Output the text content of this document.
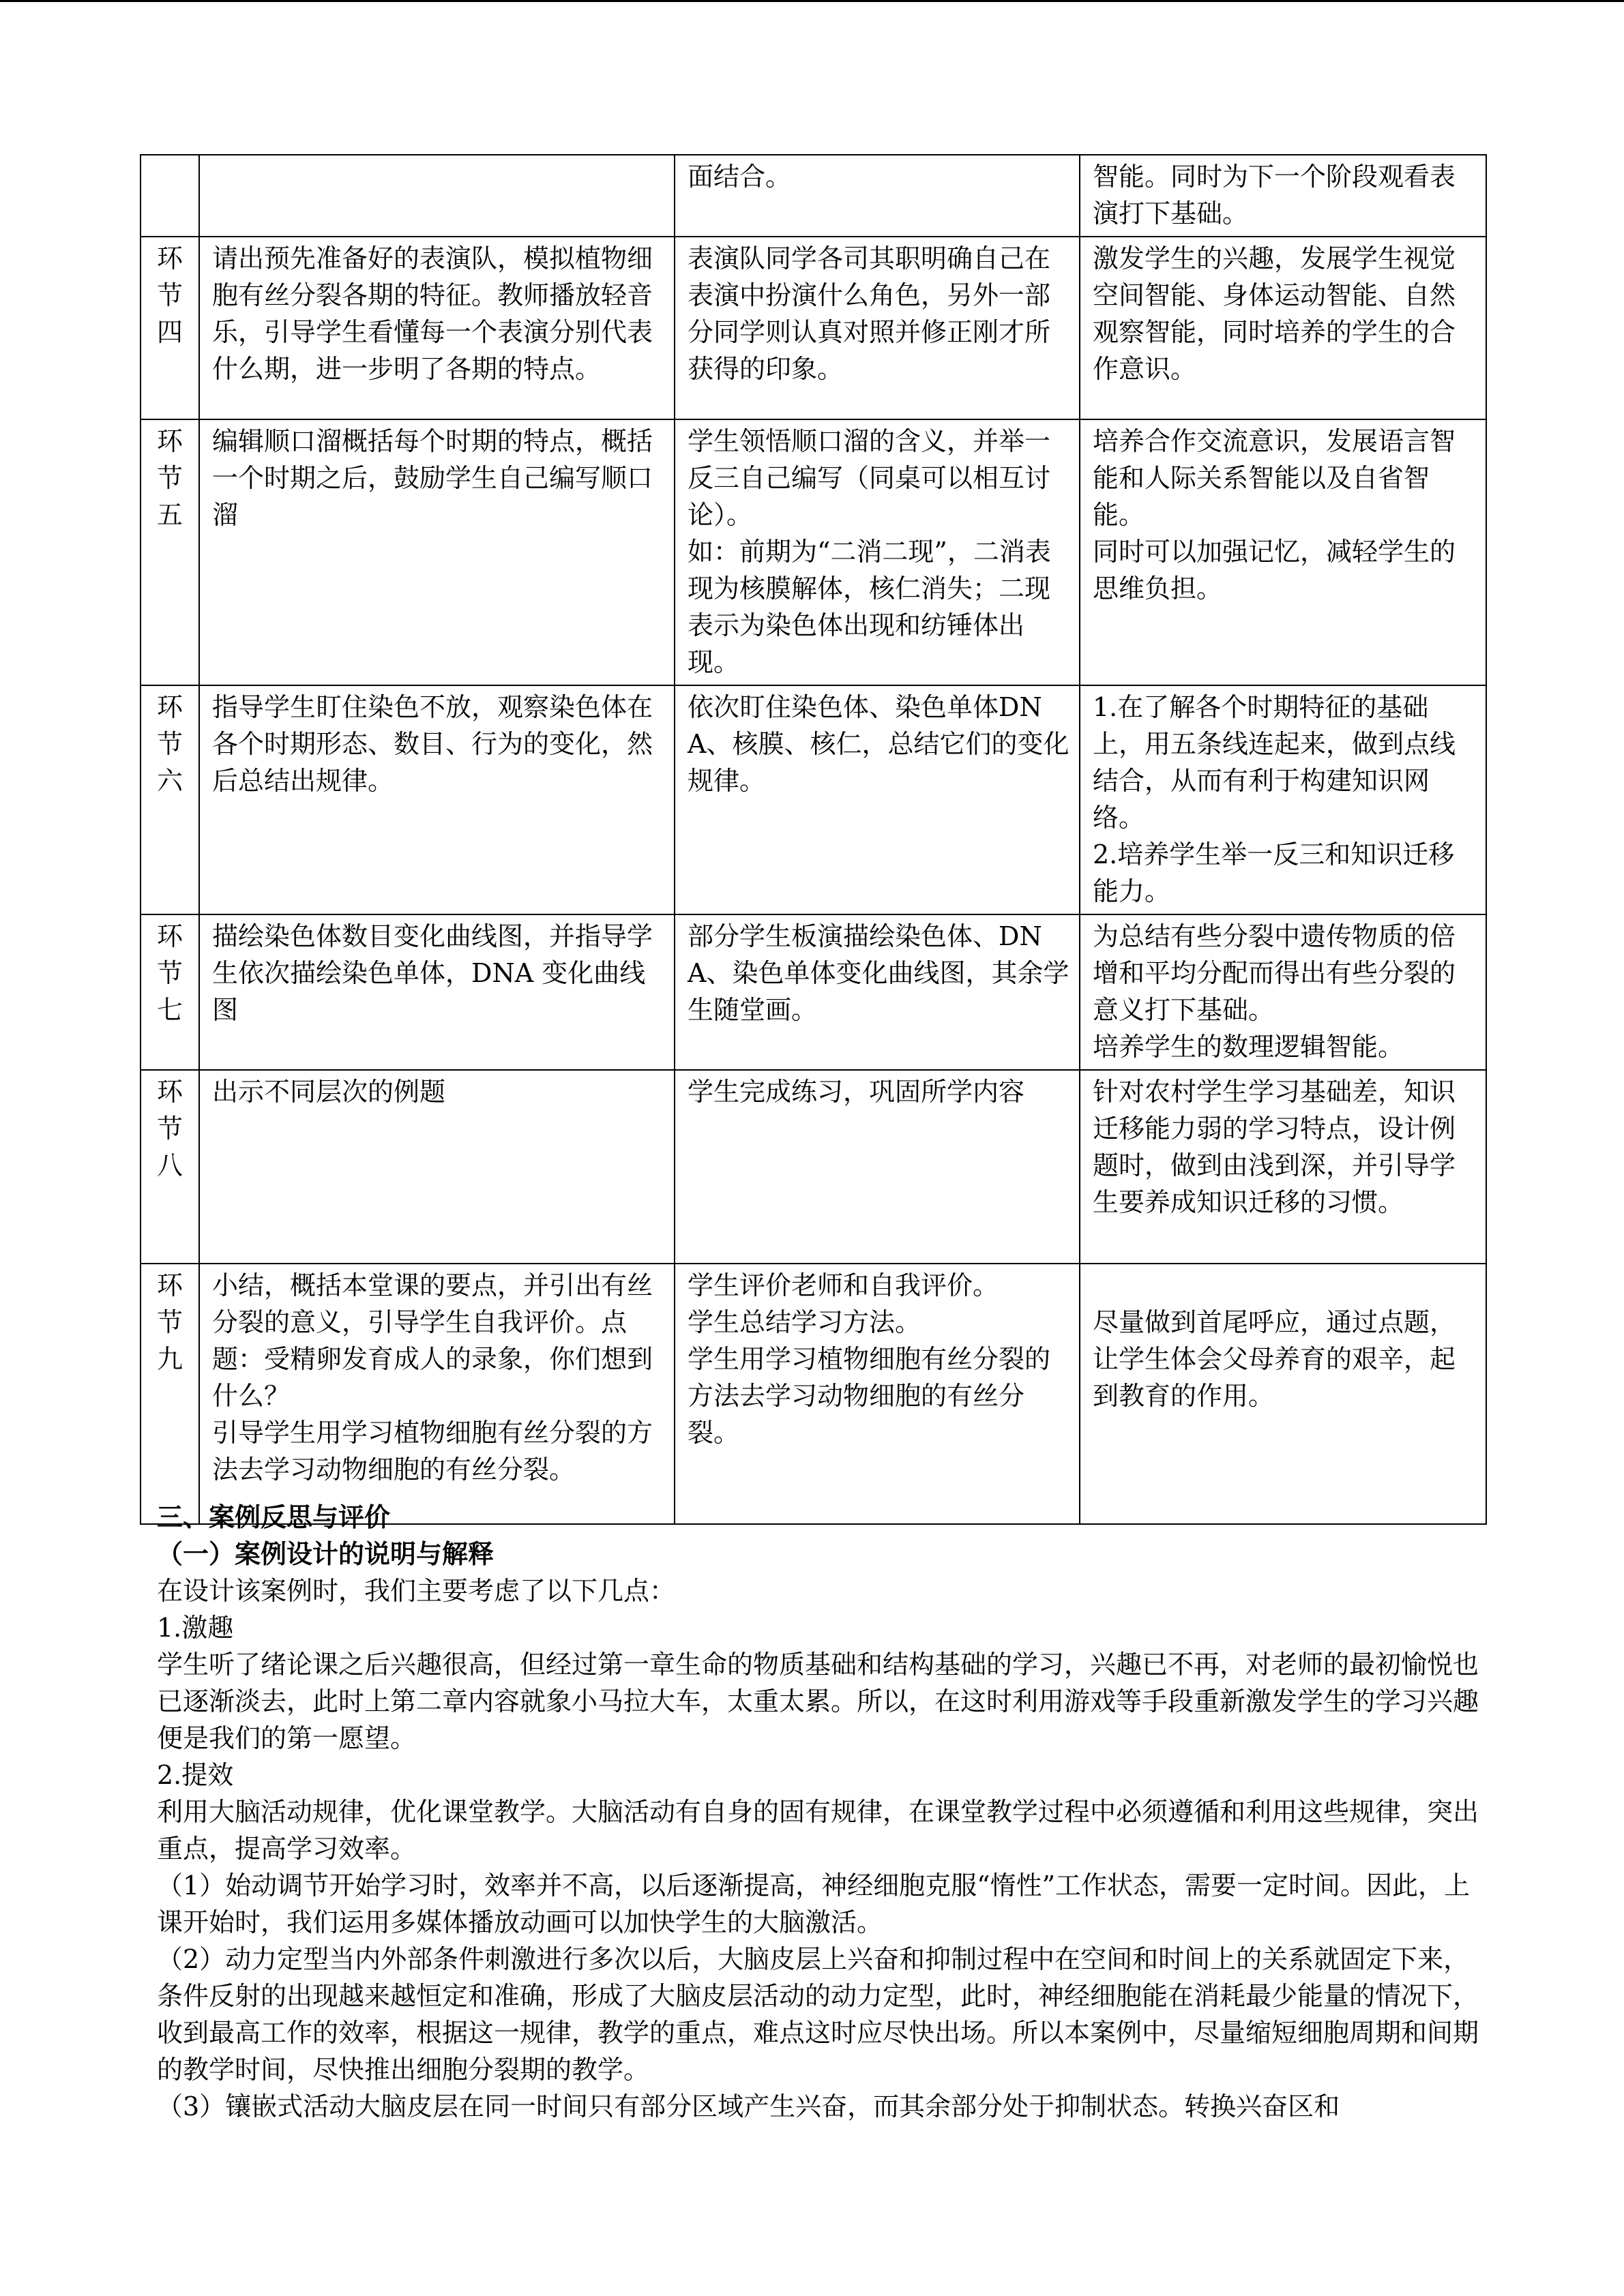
		面结合。	智能。同时为下一个阶段观看表演打下基础。

环
节
四	请出预先准备好的表演队，模拟植物细胞有丝分裂各期的特征。教师播放轻音乐，引导学生看懂每一个表演分别代表什么期，进一步明了各期的特点。	表演队同学各司其职明确自己在表演中扮演什么角色，另外一部分同学则认真对照并修正刚才所获得的印象。	激发学生的兴趣，发展学生视觉空间智能、身体运动智能、自然观察智能，同时培养的学生的合作意识。

环
节
五	编辑顺口溜概括每个时期的特点，概括一个时期之后，鼓励学生自己编写顺口溜	学生领悟顺口溜的含义，并举一反三自己编写（同桌可以相互讨论）。
如：前期为“二消二现”，二消表现为核膜解体，核仁消失；二现表示为染色体出现和纺锤体出现。	培养合作交流意识，发展语言智能和人际关系智能以及自省智能。
同时可以加强记忆，减轻学生的思维负担。

环
节
六	指导学生盯住染色不放，观察染色体在各个时期形态、数目、行为的变化，然后总结出规律。	依次盯住染色体、染色单体DNA、核膜、核仁，总结它们的变化规律。	1.在了解各个时期特征的基础上，用五条线连起来，做到点线结合，从而有利于构建知识网络。
2.培养学生举一反三和知识迁移能力。

环
节
七	描绘染色体数目变化曲线图，并指导学生依次描绘染色单体，DNA 变化曲线图	部分学生板演描绘染色体、DNA、染色单体变化曲线图，其余学生随堂画。	为总结有些分裂中遗传物质的倍增和平均分配而得出有些分裂的意义打下基础。
培养学生的数理逻辑智能。

环
节
八	出示不同层次的例题	学生完成练习，巩固所学内容	针对农村学生学习基础差，知识迁移能力弱的学习特点，设计例题时，做到由浅到深，并引导学生要养成知识迁移的习惯。

环
节
九	小结，概括本堂课的要点，并引出有丝分裂的意义，引导学生自我评价。点题：受精卵发育成人的录象，你们想到什么？
引导学生用学习植物细胞有丝分裂的方法去学习动物细胞的有丝分裂。	学生评价老师和自我评价。
学生总结学习方法。
学生用学习植物细胞有丝分裂的方法去学习动物细胞的有丝分裂。	尽量做到首尾呼应，通过点题，让学生体会父母养育的艰辛，起到教育的作用。

三、案例反思与评价

（一）案例设计的说明与解释

在设计该案例时，我们主要考虑了以下几点：

1.激趣

学生听了绪论课之后兴趣很高，但经过第一章生命的物质基础和结构基础的学习，兴趣已不再，对老师的最初愉悦也已逐渐淡去，此时上第二章内容就象小马拉大车，太重太累。所以，在这时利用游戏等手段重新激发学生的学习兴趣便是我们的第一愿望。

2.提效

利用大脑活动规律，优化课堂教学。大脑活动有自身的固有规律，在课堂教学过程中必须遵循和利用这些规律，突出重点，提高学习效率。

（1）始动调节开始学习时，效率并不高，以后逐渐提高，神经细胞克服“惰性”工作状态，需要一定时间。因此，上课开始时，我们运用多媒体播放动画可以加快学生的大脑激活。

（2）动力定型当内外部条件刺激进行多次以后，大脑皮层上兴奋和抑制过程中在空间和时间上的关系就固定下来，条件反射的出现越来越恒定和准确，形成了大脑皮层活动的动力定型，此时，神经细胞能在消耗最少能量的情况下，收到最高工作的效率，根据这一规律，教学的重点，难点这时应尽快出场。所以本案例中，尽量缩短细胞周期和间期的教学时间，尽快推出细胞分裂期的教学。

（3）镶嵌式活动大脑皮层在同一时间只有部分区域产生兴奋，而其余部分处于抑制状态。转换兴奋区和
